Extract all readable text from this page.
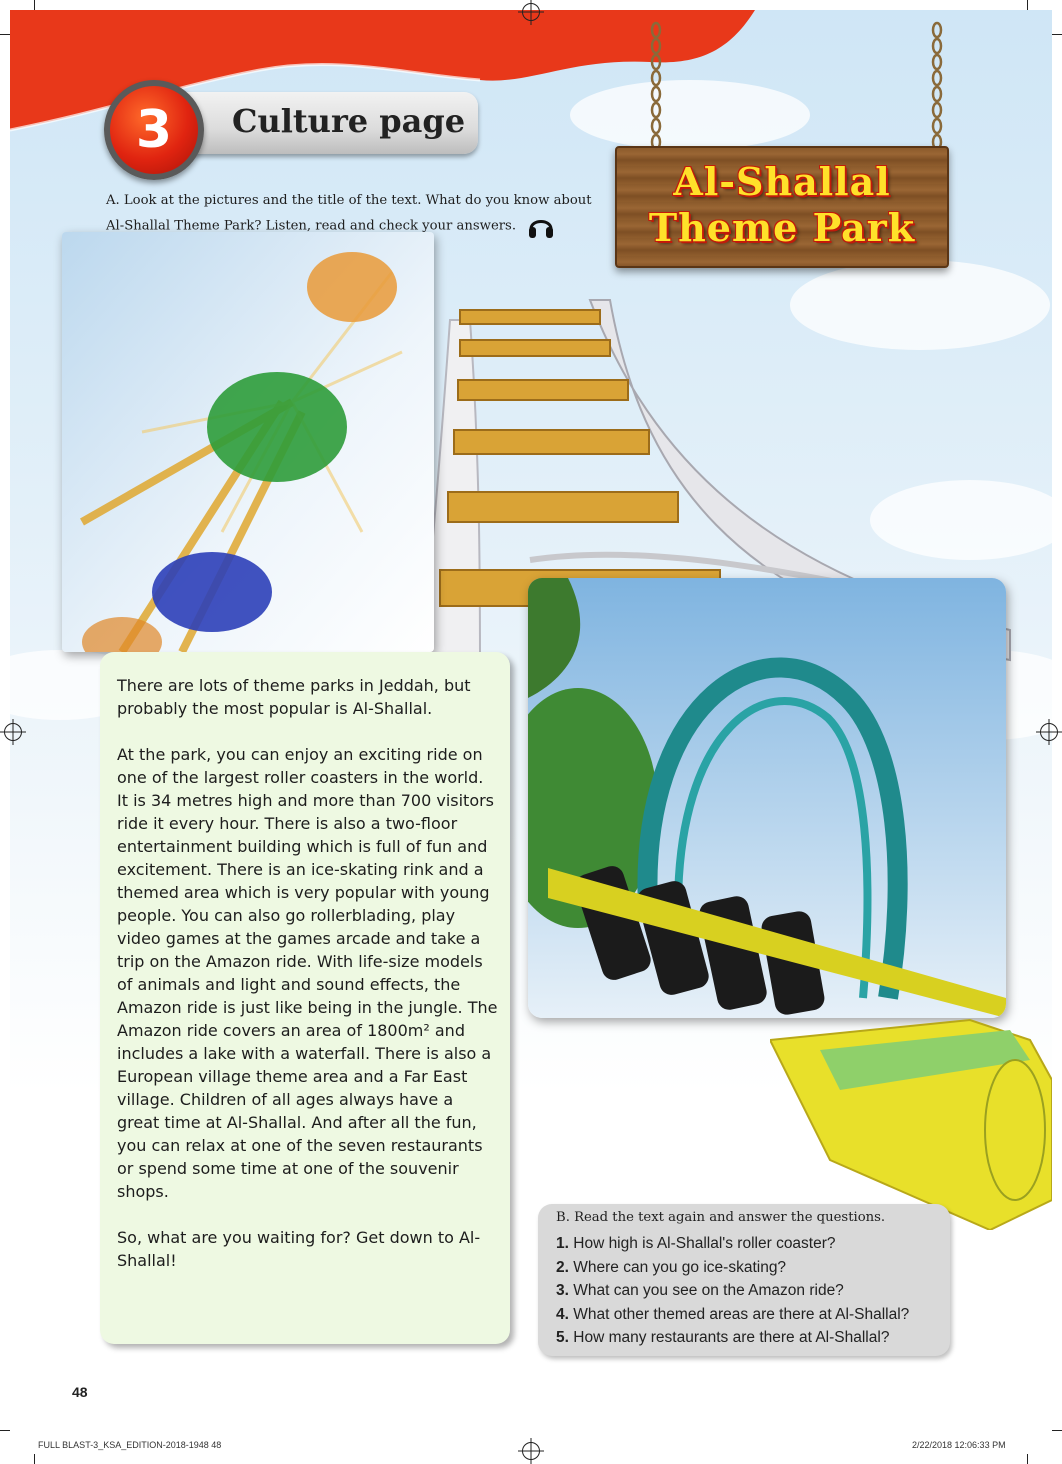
Al-Shallal
Theme Park
3 Culture page
A. Look at the pictures and the title of the text. What do you know about Al-Shallal Theme Park? Listen, read and check your answers.

There are lots of theme parks in Jeddah, but probably the most popular is Al-Shallal.

At the park, you can enjoy an exciting ride on one of the largest roller coasters in the world. It is 34 metres high and more than 700 visitors ride it every hour. There is also a two-floor entertainment building which is full of fun and excitement. There is an ice-skating rink and a themed area which is very popular with young people. You can also go rollerblading, play video games at the games arcade and take a trip on the Amazon ride. With life-size models of animals and light and sound effects, the Amazon ride is just like being in the jungle. The Amazon ride covers an area of 1800m² and includes a lake with a waterfall. There is also a European village theme area and a Far East village. Children of all ages always have a great time at Al-Shallal. And after all the fun, you can relax at one of the seven restaurants or spend some time at one of the souvenir shops.

So, what are you waiting for? Get down to Al-Shallal!

B. Read the text again and answer the questions.
1. How high is Al-Shallal's roller coaster?
2. Where can you go ice-skating?
3. What can you see on the Amazon ride?
4. What other themed areas are there at Al-Shallal?
5. How many restaurants are there at Al-Shallal?
48
FULL BLAST-3_KSA_EDITION-2018-1948 48	2/22/2018 12:06:33 PM
